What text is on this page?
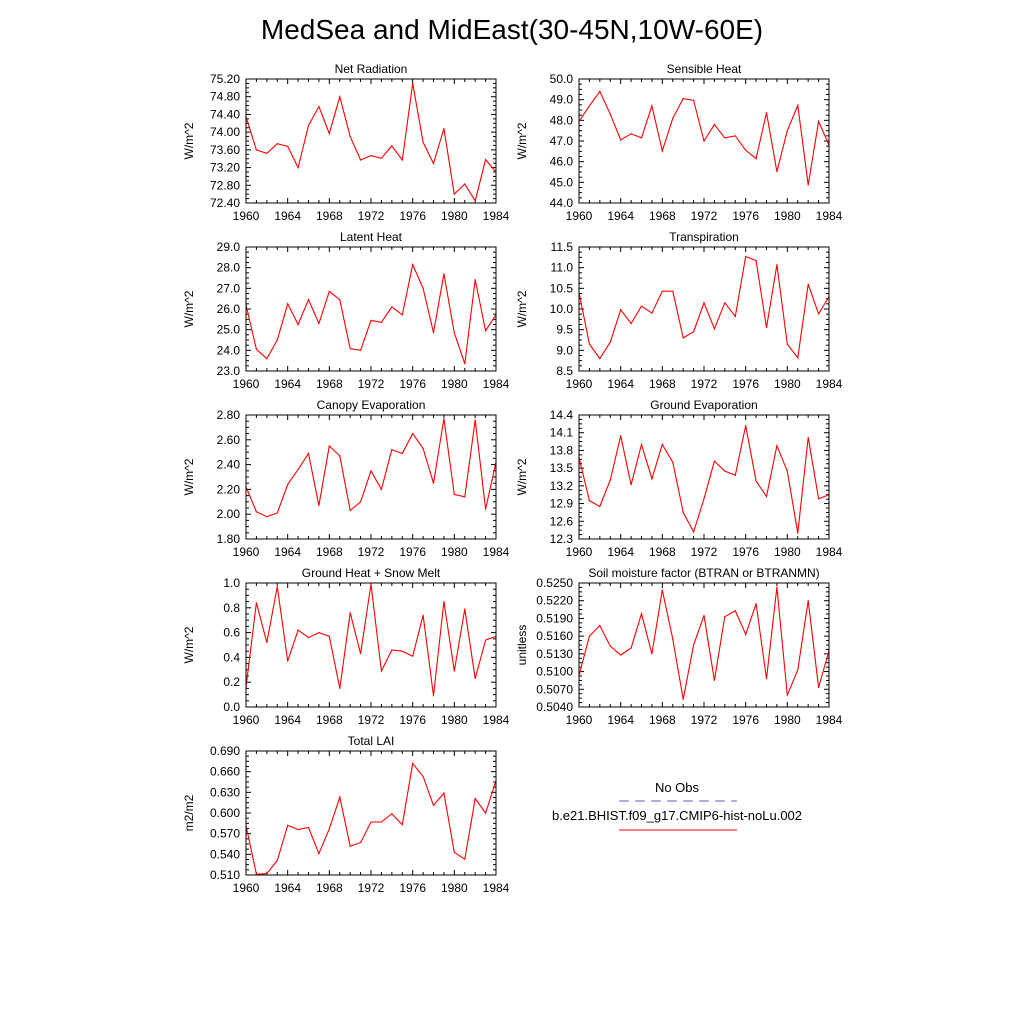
MedSea and MidEast(30-45N,10W-60E)
Net Radiation
W/m^2
72.40
72.80
73.20
73.60
74.00
74.40
74.80
75.20
1960 1964 1968 1972 1976 1980 1984
Sensible Heat
W/m^2
44.0
45.0
46.0
47.0
48.0
49.0
50.0
1960 1964 1968 1972 1976 1980 1984
Latent Heat
W/m^2
23.0
24.0
25.0
26.0
27.0
28.0
29.0
1960 1964 1968 1972 1976 1980 1984
Transpiration
W/m^2
8.5
9.0
9.5
10.0
10.5
11.0
11.5
1960 1964 1968 1972 1976 1980 1984
Canopy Evaporation
W/m^2
1.80
2.00
2.20
2.40
2.60
2.80
1960 1964 1968 1972 1976 1980 1984
Ground Evaporation
W/m^2
12.3
12.6
12.9
13.2
13.5
13.8
14.1
14.4
1960 1964 1968 1972 1976 1980 1984
Ground Heat + Snow Melt
W/m^2
0.0
0.2
0.4
0.6
0.8
1.0
1960 1964 1968 1972 1976 1980 1984
Soil moisture factor (BTRAN or BTRANMN)
unitless
0.5040
0.5070
0.5100
0.5130
0.5160
0.5190
0.5220
0.5250
1960 1964 1968 1972 1976 1980 1984
Total LAI
m2/m2
0.510
0.540
0.570
0.600
0.630
0.660
0.690
1960 1964 1968 1972 1976 1980 1984
No Obs
b.e21.BHIST.f09_g17.CMIP6-hist-noLu.002
